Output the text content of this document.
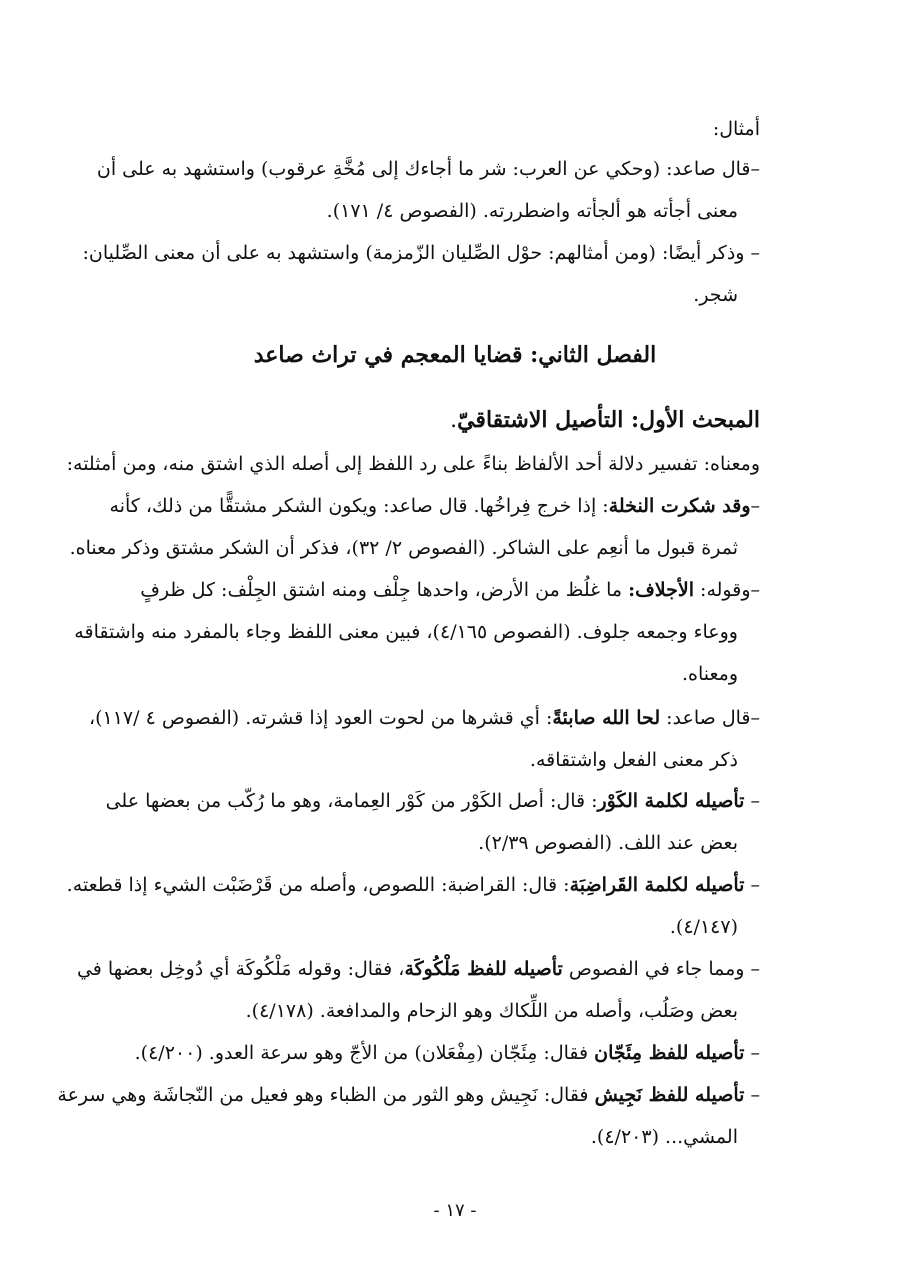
أمثال:
–قال صاعد: (وحكي عن العرب: شر ما أجاءك إلى مُخَّةِ عرقوب) واستشهد به على أن
معنى أجأته هو ألجأته واضطررته. (الفصوص ٤/ ١٧١).
– وذكر أيضًا: (ومن أمثالهم: حوْل الصِّليان الزّمزمة) واستشهد به على أن معنى الصِّليان:
شجر.
الفصل الثاني: قضايا المعجم في تراث صاعد
المبحث الأول: التأصيل الاشتقاقيّ.
ومعناه: تفسير دلالة أحد الألفاظ بناءً على رد اللفظ إلى أصله الذي اشتق منه، ومن أمثلته:
–وقد شكرت النخلة: إذا خرج فِراخُها. قال صاعد: ويكون الشكر مشتقًّا من ذلك، كأنه
ثمرة قبول ما أنعِم على الشاكر. (الفصوص ٢/ ٣٢)، فذكر أن الشكر مشتق وذكر معناه.
–وقوله: الأجلاف: ما غلُظ من الأرض، واحدها جِلْف ومنه اشتق الجِلْف: كل ظرفٍ
ووعاء وجمعه جلوف. (الفصوص ٤/١٦٥)، فبين معنى اللفظ وجاء بالمفرد منه واشتقاقه
ومعناه.
–قال صاعد: لحا الله صابئةً: أي قشرها من لحوت العود إذا قشرته. (الفصوص ٤ /١١٧)،
ذكر معنى الفعل واشتقاقه.
– تأصيله لكلمة الكَوْر: قال: أصل الكَوْر من كَوْر العِمامة، وهو ما رُكّب من بعضها على
بعض عند اللف. (الفصوص ٢/٣٩).
– تأصيله لكلمة القَراضِبَة: قال: القراضبة: اللصوص، وأصله من قَرْضَبْت الشيء إذا قطعته.
(٤/١٤٧).
– ومما جاء في الفصوص تأصيله للفظ مَلْكُوكَة، فقال: وقوله مَلْكُوكَة أي دُوخِل بعضها في
بعض وصَلُب، وأصله من اللِّكاك وهو الزحام والمدافعة. (٤/١٧٨).
– تأصيله للفظ مِئَجّان فقال: مِئَجّان (مِفْعَلان) من الأجّ وهو سرعة العدو. (٤/٢٠٠).
– تأصيله للفظ نَجِيش فقال: نَجِيش وهو الثور من الظباء وهو فعيل من النّجاشَة وهي سرعة
المشي... (٤/٢٠٣).
- ١٧ -
